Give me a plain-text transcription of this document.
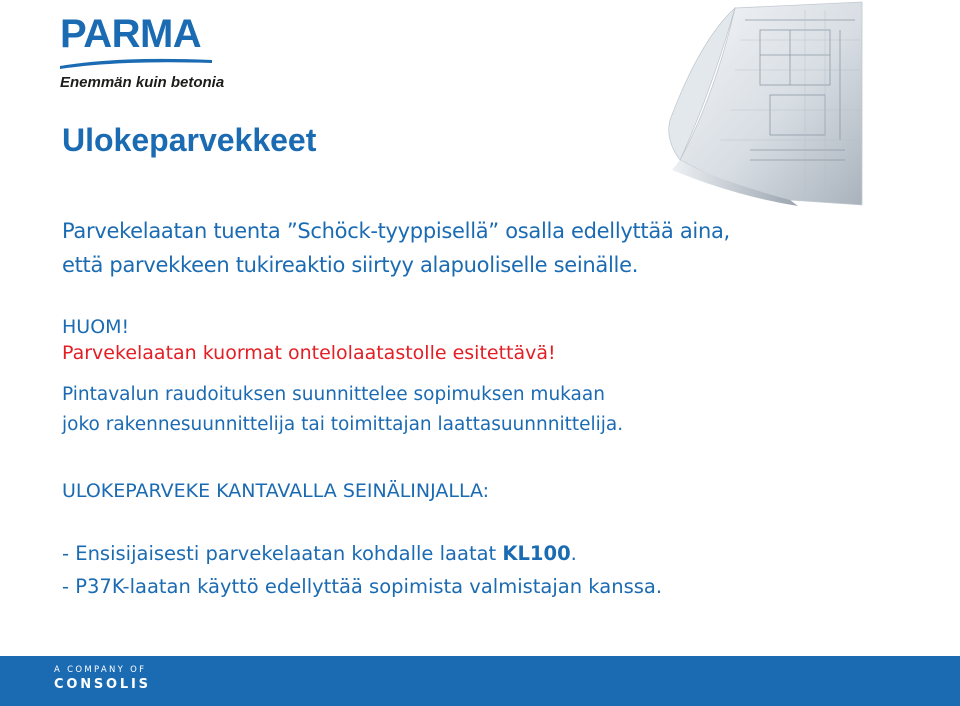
PARMA
Enemmän kuin betonia
Ulokeparvekkeet
Parvekelaatan tuenta ”Schöck-tyyppisellä” osalla edellyttää aina,
että parvekkeen tukireaktio siirtyy alapuoliselle seinälle.
HUOM!
Parvekelaatan kuormat ontelolaatastolle esitettävä!
Pintavalun raudoituksen suunnittelee sopimuksen mukaan
joko rakennesuunnittelija tai toimittajan laattasuunnnittelija.
ULOKEPARVEKE KANTAVALLA SEINÄLINJALLA:
- Ensisijaisesti parvekelaatan kohdalle laatat KL100.
- P37K-laatan käyttö edellyttää sopimista valmistajan kanssa.
A COMPANY OF
CONSOLIS
